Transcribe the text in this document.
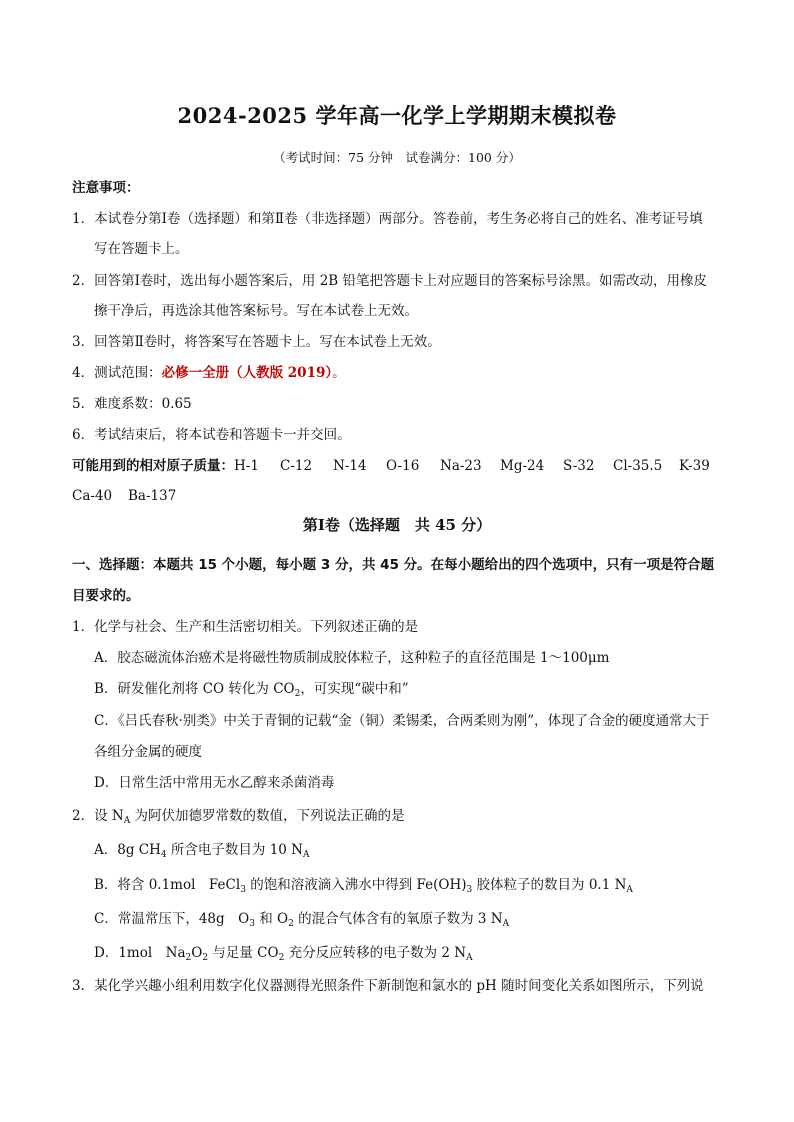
2024-2025 学年高一化学上学期期末模拟卷
（考试时间：75 分钟　试卷满分：100 分）
注意事项：
1．本试卷分第Ⅰ卷（选择题）和第Ⅱ卷（非选择题）两部分。答卷前，考生务必将自己的姓名、准考证号填
写在答题卡上。
2．回答第Ⅰ卷时，选出每小题答案后，用 2B 铅笔把答题卡上对应题目的答案标号涂黑。如需改动，用橡皮
擦干净后，再选涂其他答案标号。写在本试卷上无效。
3．回答第Ⅱ卷时，将答案写在答题卡上。写在本试卷上无效。
4．测试范围：必修一全册（人教版 2019）。
5．难度系数：0.65
6．考试结束后，将本试卷和答题卡一并交回。
可能用到的相对原子质量：H-1 C-12 N-14 O-16 Na-23 Mg-24 S-32 Cl-35.5 K-39
Ca-40 Ba-137
第Ⅰ卷（选择题　共 45 分）
一、选择题：本题共 15 个小题，每小题 3 分，共 45 分。在每小题给出的四个选项中，只有一项是符合题
目要求的。
1．化学与社会、生产和生活密切相关。下列叙述正确的是
A．胶态磁流体治癌术是将磁性物质制成胶体粒子，这种粒子的直径范围是 1～100μm
B．研发催化剂将 CO 转化为 $CO_2$，可实现“碳中和”
C．《吕氏春秋·别类》中关于青铜的记载“金（铜）柔锡柔，合两柔则为刚”，体现了合金的硬度通常大于
各组分金属的硬度
D．日常生活中常用无水乙醇来杀菌消毒
2．设 $N_A$ 为阿伏加德罗常数的数值，下列说法正确的是
A．8g $CH_4$ 所含电子数目为 10 $N_A$
B．将含 0.1mol　FeCl$_3$ 的饱和溶液滴入沸水中得到 $Fe(OH)_3$ 胶体粒子的数目为 0.1 $N_A$
C．常温常压下，48g　$O_3$ 和 $O_2$ 的混合气体含有的氧原子数为 3 $N_A$
D．1mol　$Na_2O_2$ 与足量 $CO_2$ 充分反应转移的电子数为 2 $N_A$
3．某化学兴趣小组利用数字化仪器测得光照条件下新制饱和氯水的 pH 随时间变化关系如图所示，下列说
